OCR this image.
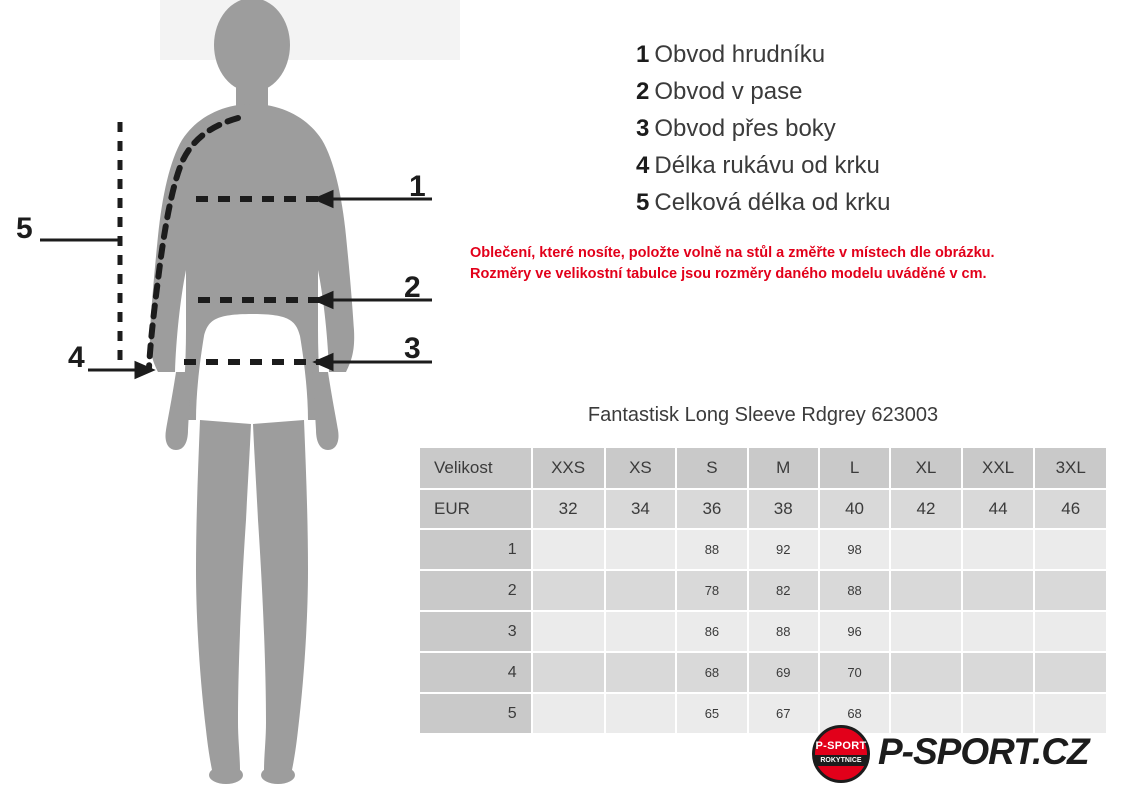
1
2
3
4
5
1 Obvod hrudníku
2 Obvod v pase
3 Obvod přes boky
4 Délka rukávu od krku
5 Celková délka od krku
Oblečení, které nosíte, položte volně na stůl a změřte v místech dle obrázku.
Rozměry ve velikostní tabulce jsou rozměry daného modelu uváděné v cm.
Fantastisk Long Sleeve Rdgrey 623003
Velikost	XXS	XS	S	M	L	XL	XXL	3XL
EUR	32	34	36	38	40	42	44	46
1			88	92	98			
2			78	82	88			
3			86	88	96			
4			68	69	70			
5			65	67	68			
P-SPORT
ROKYTNICE P-SPORT.CZ
